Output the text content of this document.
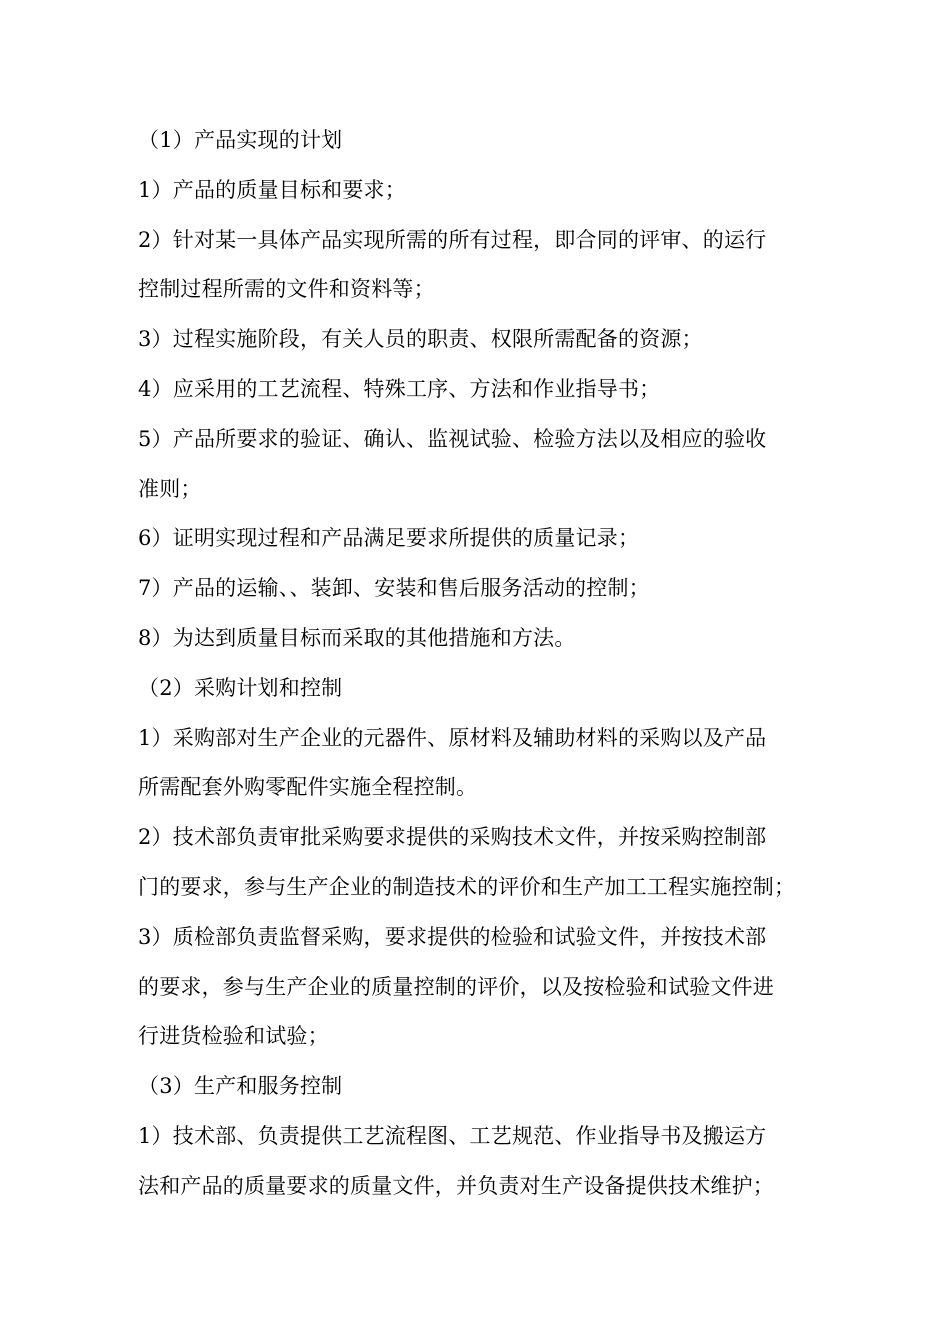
（1）产品实现的计划
1）产品的质量目标和要求；
2）针对某一具体产品实现所需的所有过程，即合同的评审、的运行
控制过程所需的文件和资料等；
3）过程实施阶段，有关人员的职责、权限所需配备的资源；
4）应采用的工艺流程、特殊工序、方法和作业指导书；
5）产品所要求的验证、确认、监视试验、检验方法以及相应的验收
准则；
6）证明实现过程和产品满足要求所提供的质量记录；
7）产品的运输、、装卸、安装和售后服务活动的控制；
8）为达到质量目标而采取的其他措施和方法。
（2）采购计划和控制
1）采购部对生产企业的元器件、原材料及辅助材料的采购以及产品
所需配套外购零配件实施全程控制。
2）技术部负责审批采购要求提供的采购技术文件，并按采购控制部
门的要求，参与生产企业的制造技术的评价和生产加工工程实施控制；
3）质检部负责监督采购，要求提供的检验和试验文件，并按技术部
的要求，参与生产企业的质量控制的评价，以及按检验和试验文件进
行进货检验和试验；
（3）生产和服务控制
1）技术部、负责提供工艺流程图、工艺规范、作业指导书及搬运方
法和产品的质量要求的质量文件，并负责对生产设备提供技术维护；
